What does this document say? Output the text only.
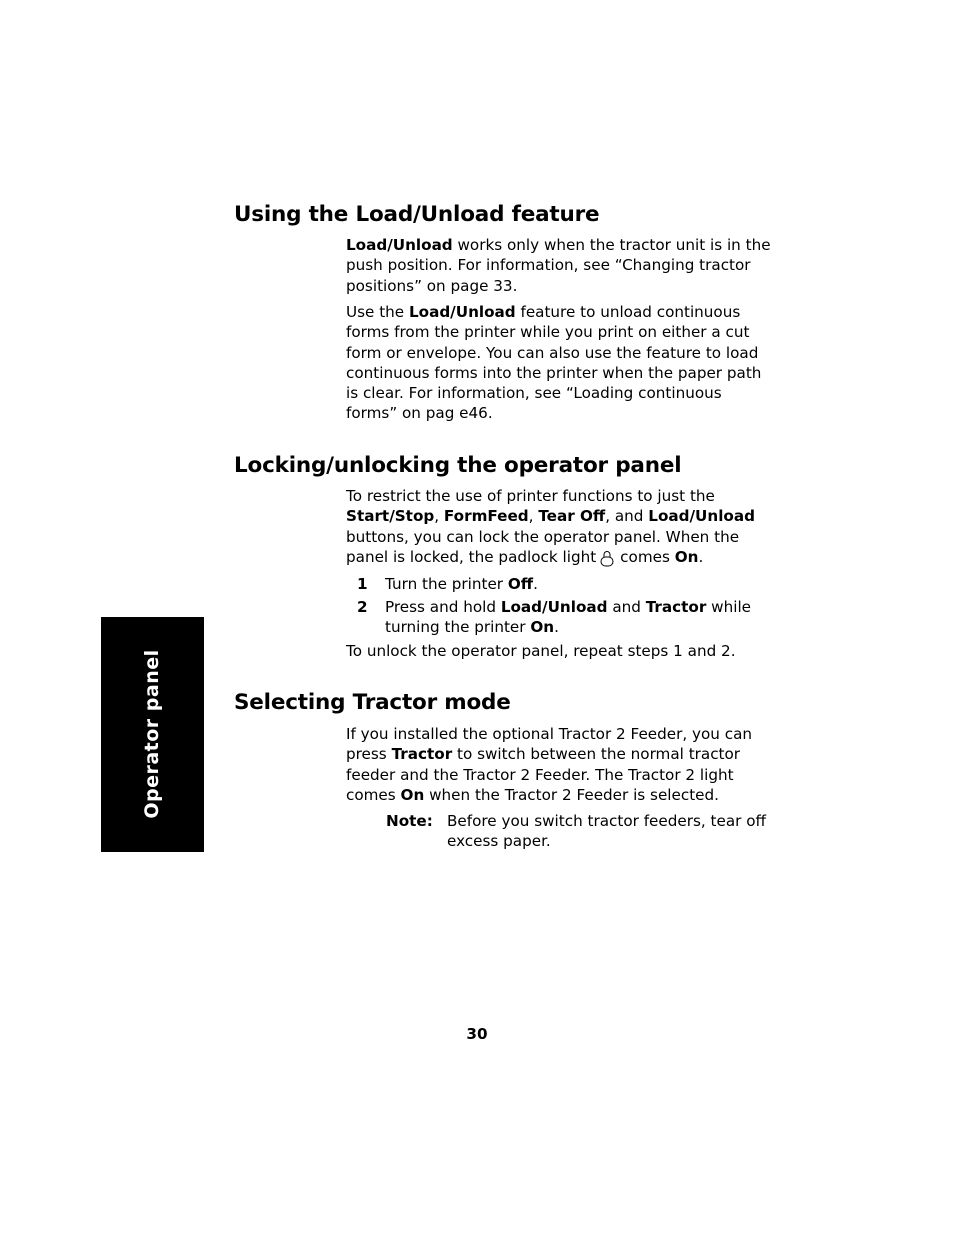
Operator panel
Using the Load/Unload feature

Load/Unload works only when the tractor unit is in the push position. For information, see “Changing tractor positions” on page 33.

Use the Load/Unload feature to unload continuous forms from the printer while you print on either a cut form or envelope. You can also use the feature to load continuous forms into the printer when the paper path is clear. For information, see “Loading continuous forms” on pag e46.

Locking/unlocking the operator panel

To restrict the use of printer functions to just the Start/Stop, FormFeed, Tear Off, and Load/Unload buttons, you can lock the operator panel. When the panel is locked, the padlock light comes On.

1 Turn the printer Off.
2 Press and hold Load/Unload and Tractor while turning the printer On.

To unlock the operator panel, repeat steps 1 and 2.

Selecting Tractor mode

If you installed the optional Tractor 2 Feeder, you can press Tractor to switch between the normal tractor feeder and the Tractor 2 Feeder. The Tractor 2 light comes On when the Tractor 2 Feeder is selected.

Note: Before you switch tractor feeders, tear off excess paper.
30
